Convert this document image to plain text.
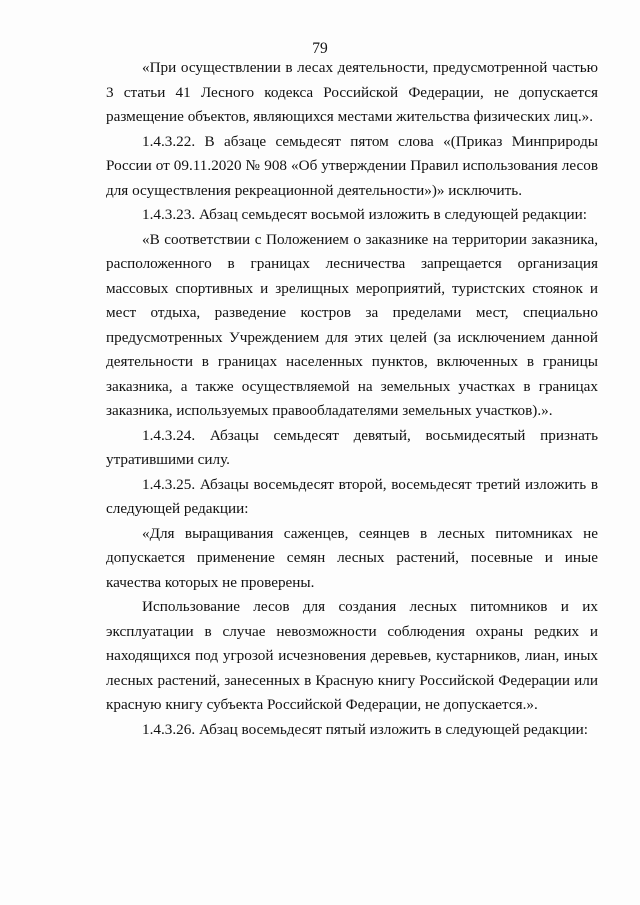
79

«При осуществлении в лесах деятельности, предусмотренной частью 3 статьи 41 Лесного кодекса Российской Федерации, не допускается размещение объектов, являющихся местами жительства физических лиц.».

1.4.3.22. В абзаце семьдесят пятом слова «(Приказ Минприроды России от 09.11.2020 № 908 «Об утверждении Правил использования лесов для осуществления рекреационной деятельности»)» исключить.

1.4.3.23. Абзац семьдесят восьмой изложить в следующей редакции:

«В соответствии с Положением о заказнике на территории заказника, расположенного в границах лесничества запрещается организация массовых спортивных и зрелищных мероприятий, туристских стоянок и мест отдыха, разведение костров за пределами мест, специально предусмотренных Учреждением для этих целей (за исключением данной деятельности в границах населенных пунктов, включенных в границы заказника, а также осуществляемой на земельных участках в границах заказника, используемых правообладателями земельных участков).».

1.4.3.24. Абзацы семьдесят девятый, восьмидесятый признать утратившими силу.

1.4.3.25. Абзацы восемьдесят второй, восемьдесят третий изложить в следующей редакции:

«Для выращивания саженцев, сеянцев в лесных питомниках не допускается применение семян лесных растений, посевные и иные качества которых не проверены.

Использование лесов для создания лесных питомников и их эксплуатации в случае невозможности соблюдения охраны редких и находящихся под угрозой исчезновения деревьев, кустарников, лиан, иных лесных растений, занесенных в Красную книгу Российской Федерации или красную книгу субъекта Российской Федерации, не допускается.».

1.4.3.26. Абзац восемьдесят пятый изложить в следующей редакции:
